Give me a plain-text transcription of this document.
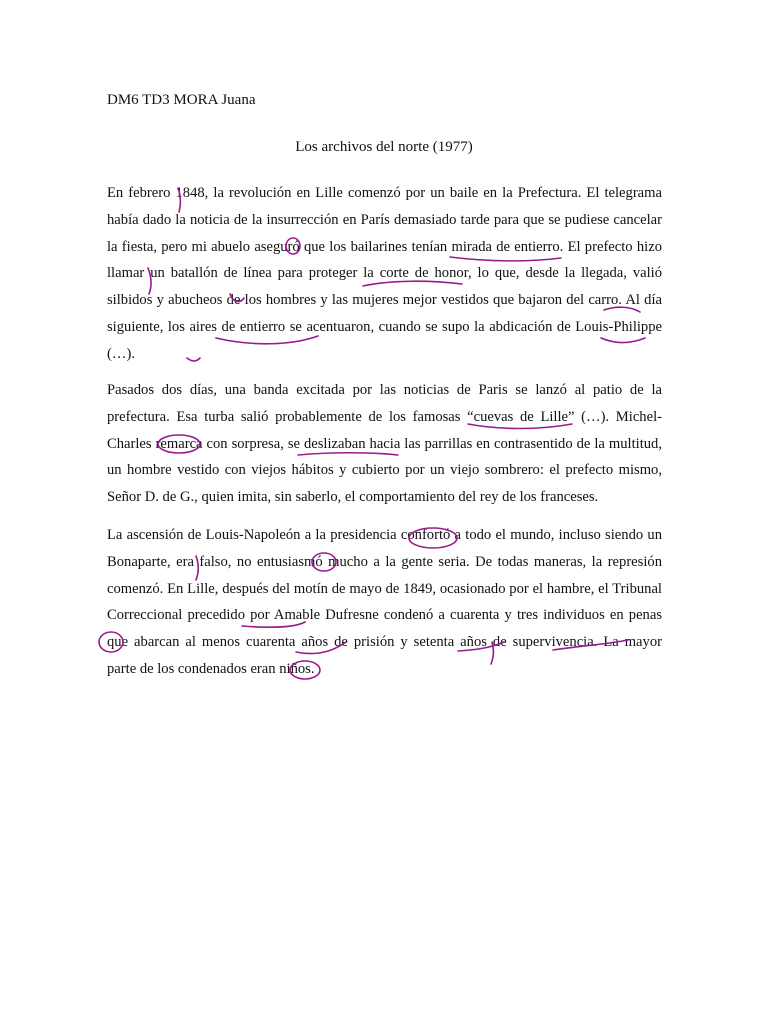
DM6 TD3 MORA Juana
Los archivos del norte (1977)

En febrero 1848, la revolución en Lille comenzó por un baile en la Prefectura. El telegrama había dado la noticia de la insurrección en París demasiado tarde para que se pudiese cancelar la fiesta, pero mi abuelo aseguró que los bailarines tenían mirada de entierro. El prefecto hizo llamar un batallón de línea para proteger la corte de honor, lo que, desde la llegada, valió silbidos y abucheos de los hombres y las mujeres mejor vestidos que bajaron del carro. Al día siguiente, los aires de entierro se acentuaron, cuando se supo la abdicación de Louis-Philippe (…).

Pasados dos días, una banda excitada por las noticias de Paris se lanzó al patio de la prefectura. Esa turba salió probablemente de los famosas “cuevas de Lille” (…). Michel-Charles remarca con sorpresa, se deslizaban hacia las parrillas en contrasentido de la multitud, un hombre vestido con viejos hábitos y cubierto por un viejo sombrero: el prefecto mismo, Señor D. de G., quien imita, sin saberlo, el comportamiento del rey de los franceses.

La ascensión de Louis-Napoleón a la presidencia confortó a todo el mundo, incluso siendo un Bonaparte, era falso, no entusiasmó mucho a la gente seria. De todas maneras, la represión comenzó. En Lille, después del motín de mayo de 1849, ocasionado por el hambre, el Tribunal Correccional precedido por Amable Dufresne condenó a cuarenta y tres individuos en penas que abarcan al menos cuarenta años de prisión y setenta años de supervivencia. La mayor parte de los condenados eran niños.
